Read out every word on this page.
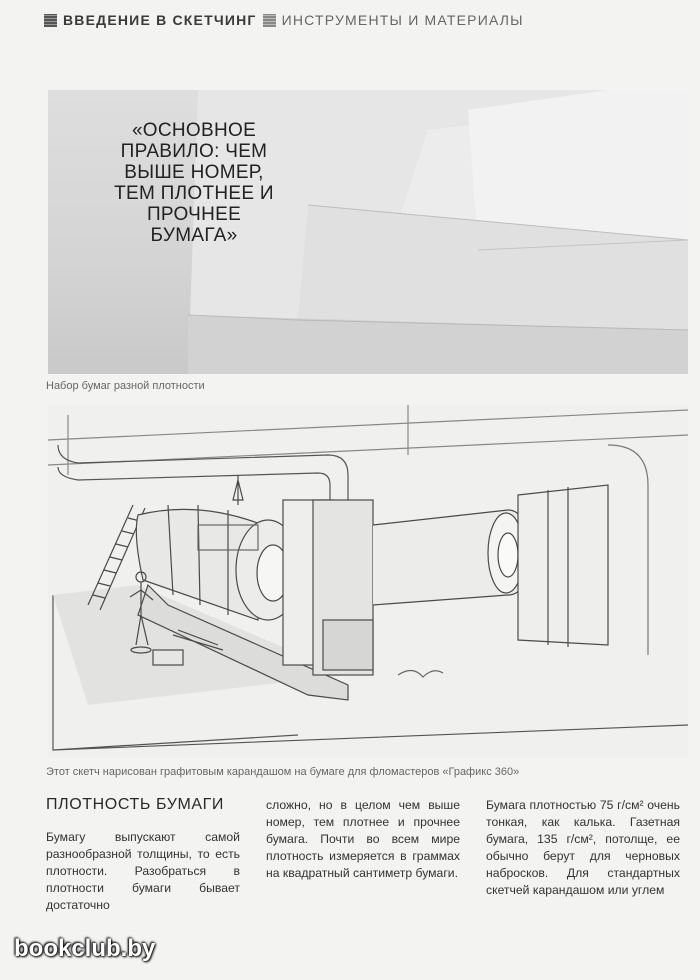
ВВЕДЕНИЕ В СКЕТЧИНГ ИНСТРУМЕНТЫ И МАТЕРИАЛЫ
«ОСНОВНОЕ ПРАВИЛО: ЧЕМ ВЫШЕ НОМЕР, ТЕМ ПЛОТНЕЕ И ПРОЧНЕЕ БУМАГА»
Набор бумаг разной плотности
Этот скетч нарисован графитовым карандашом на бумаге для фломастеров «Графикс 360»
ПЛОТНОСТЬ БУМАГИ
Бумагу выпускают самой разнообразной толщины, то есть плотности. Разобраться в плотности бумаги бывает достаточно
сложно, но в целом чем выше номер, тем плотнее и прочнее бумага. Почти во всем мире плотность измеряется в граммах на квадратный сантиметр бумаги.
Бумага плотностью 75 г/см² очень тонкая, как калька. Газетная бумага, 135 г/см², потолще, ее обычно берут для черновых набросков. Для стандартных скетчей карандашом или углем
bookclub.by
